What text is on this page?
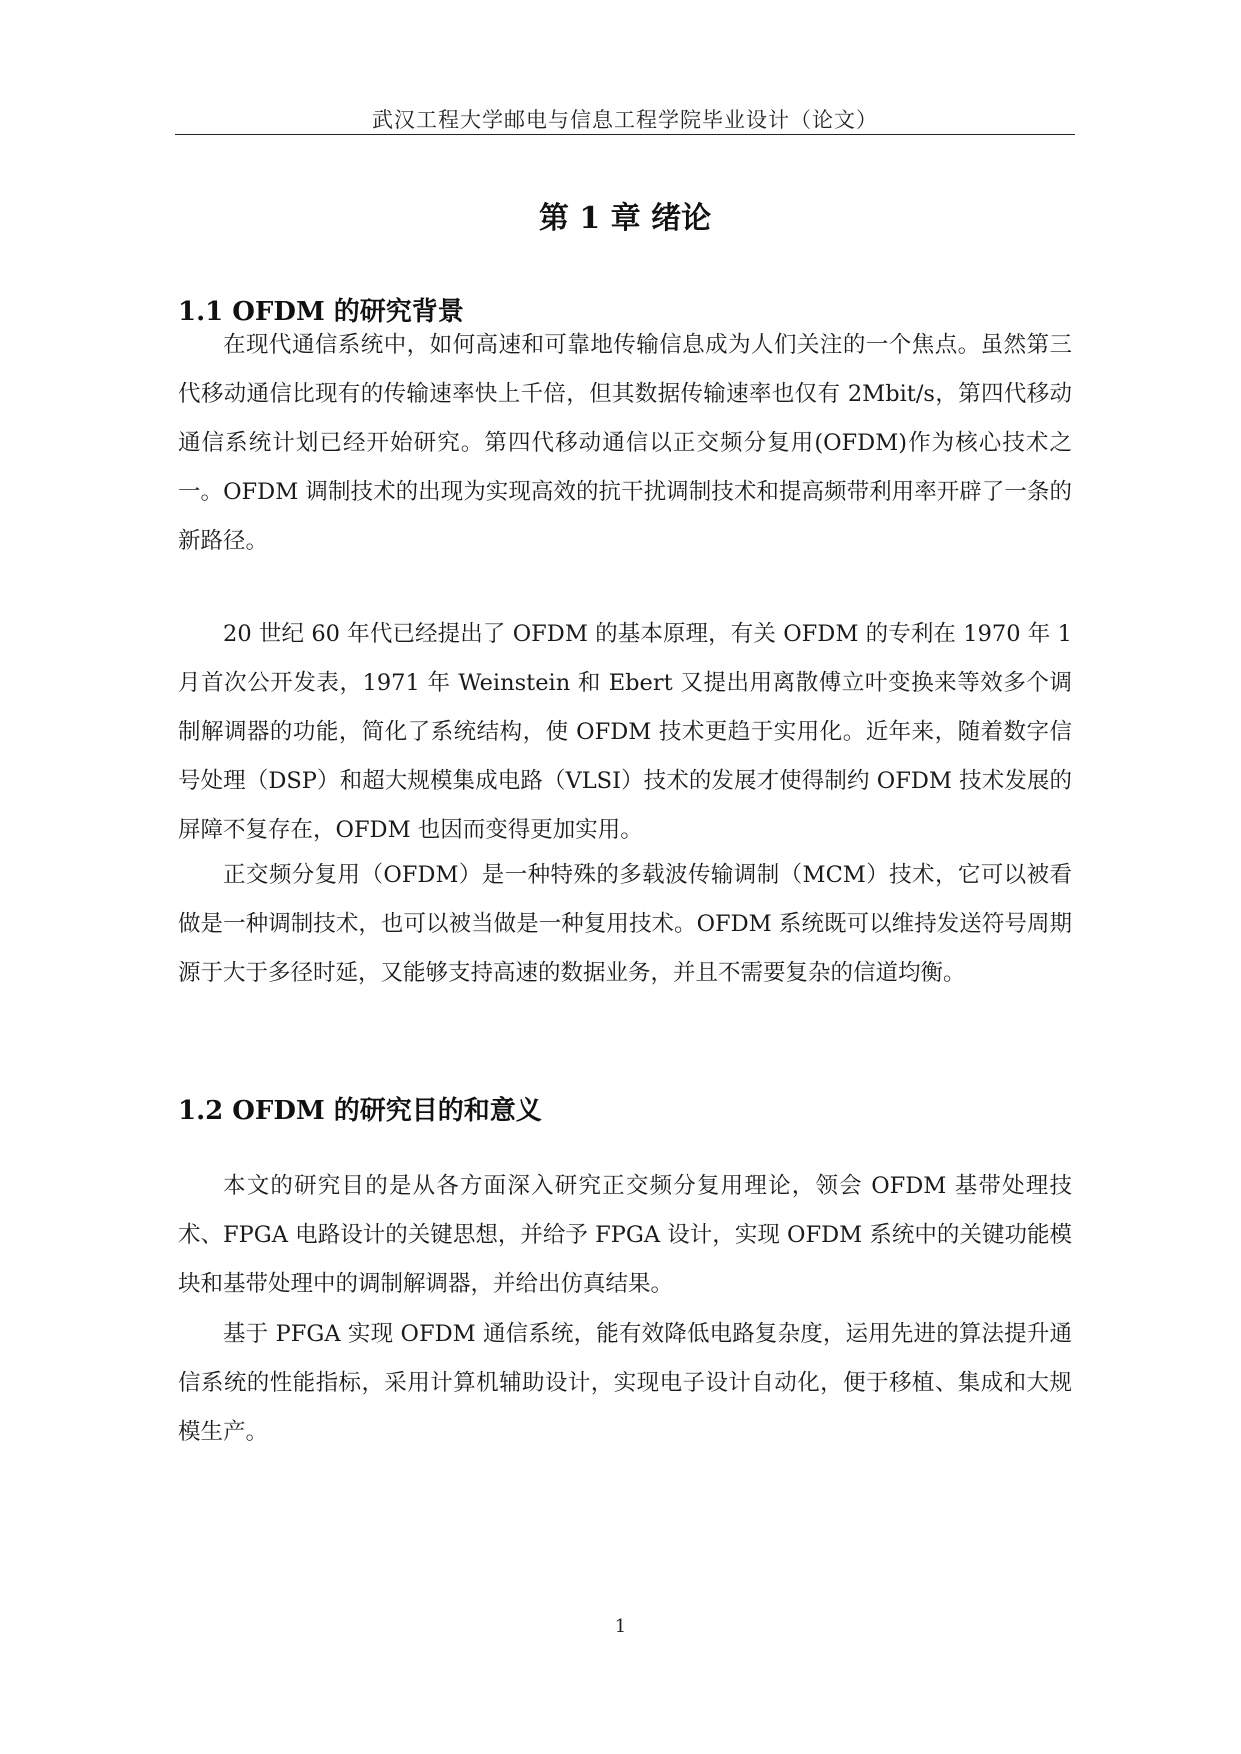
武汉工程大学邮电与信息工程学院毕业设计（论文）
第 1 章 绪论
1.1 OFDM 的研究背景

在现代通信系统中，如何高速和可靠地传输信息成为人们关注的一个焦点。虽然第三代移动通信比现有的传输速率快上千倍，但其数据传输速率也仅有 2Mbit/s，第四代移动通信系统计划已经开始研究。第四代移动通信以正交频分复用(OFDM)作为核心技术之一。OFDM 调制技术的出现为实现高效的抗干扰调制技术和提高频带利用率开辟了一条的新路径。

20 世纪 60 年代已经提出了 OFDM 的基本原理，有关 OFDM 的专利在 1970 年 1 月首次公开发表，1971 年 Weinstein 和 Ebert 又提出用离散傅立叶变换来等效多个调制解调器的功能，简化了系统结构，使 OFDM 技术更趋于实用化。近年来，随着数字信号处理（DSP）和超大规模集成电路（VLSI）技术的发展才使得制约 OFDM 技术发展的屏障不复存在，OFDM 也因而变得更加实用。

正交频分复用（OFDM）是一种特殊的多载波传输调制（MCM）技术，它可以被看做是一种调制技术，也可以被当做是一种复用技术。OFDM 系统既可以维持发送符号周期源于大于多径时延，又能够支持高速的数据业务，并且不需要复杂的信道均衡。

1.2 OFDM 的研究目的和意义

本文的研究目的是从各方面深入研究正交频分复用理论，领会 OFDM 基带处理技术、FPGA 电路设计的关键思想，并给予 FPGA 设计，实现 OFDM 系统中的关键功能模块和基带处理中的调制解调器，并给出仿真结果。

基于 PFGA 实现 OFDM 通信系统，能有效降低电路复杂度，运用先进的算法提升通信系统的性能指标，采用计算机辅助设计，实现电子设计自动化，便于移植、集成和大规模生产。

1
